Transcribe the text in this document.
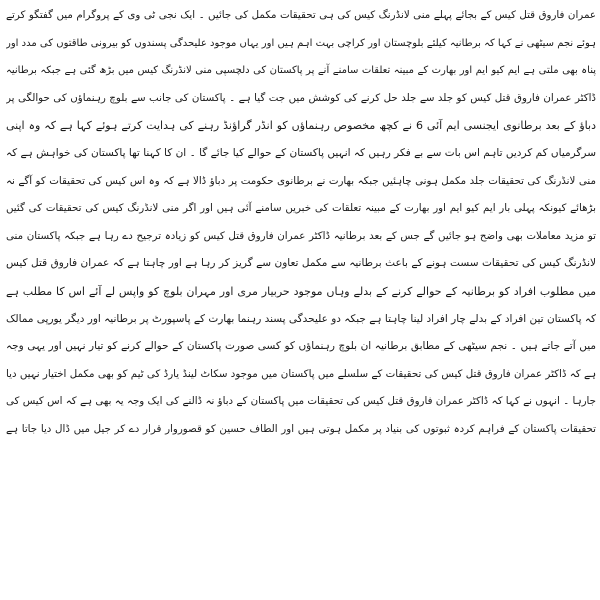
عمران فاروق قتل کیس کے بجائے پہلے منی لانڈرنگ کیس کی ہی تحقیقات مکمل کی جائیں ۔ ایک نجی ٹی وی کے پروگرام میں گفتگو کرتے
ہوئے نجم سیٹھی نے کہا کہ برطانیہ کیلئے بلوچستان اور کراچی بہت اہم ہیں اور یہاں موجود علیحدگی پسندوں کو بیرونی طاقتوں کی مدد اور
پناہ بھی ملتی ہے ایم کیو ایم اور بھارت کے مبینہ تعلقات سامنے آنے پر پاکستان کی دلچسپی منی لانڈرنگ کیس میں بڑھ گئی ہے جبکہ برطانیہ
ڈاکٹر عمران فاروق قتل کیس کو جلد سے جلد حل کرنے کی کوشش میں جت گیا ہے ۔ پاکستان کی جانب سے بلوچ رہنماؤں کی حوالگی پر
دباؤ کے بعد برطانوی ایجنسی ایم آئی 6 نے کچھ مخصوص رہنماؤں کو انڈر گراؤنڈ رہنے کی ہدایت کرتے ہوئے کہا ہے کہ وہ اپنی
سرگرمیاں کم کردیں تاہم اس بات سے بے فکر رہیں کہ انہیں پاکستان کے حوالے کیا جائے گا ۔ ان کا کہنا تھا پاکستان کی خواہش ہے کہ
منی لانڈرنگ کی تحقیقات جلد مکمل ہونی چاہئیں جبکہ بھارت نے برطانوی حکومت پر دباؤ ڈالا ہے کہ وہ اس کیس کی تحقیقات کو آگے نہ
بڑھائے کیونکہ پہلی بار ایم کیو ایم اور بھارت کے مبینہ تعلقات کی خبریں سامنے آئی ہیں اور اگر منی لانڈرنگ کیس کی تحقیقات کی گئیں
تو مزید معاملات بھی واضح ہو جائیں گے جس کے بعد برطانیہ ڈاکٹر عمران فاروق قتل کیس کو زیادہ ترجیح دے رہا ہے جبکہ پاکستان منی
لانڈرنگ کیس کی تحقیقات سست ہونے کے باعث برطانیہ سے مکمل تعاون سے گریز کر رہا ہے اور چاہتا ہے کہ عمران فاروق قتل کیس
میں مطلوب افراد کو برطانیہ کے حوالے کرنے کے بدلے وہاں موجود حربیار مری اور مہران بلوچ کو واپس لے آئے اس کا مطلب ہے
کہ پاکستان تین افراد کے بدلے چار افراد لینا چاہتا ہے جبکہ دو علیحدگی پسند رہنما بھارت کے پاسپورٹ پر برطانیہ اور دیگر یورپی ممالک
میں آتے جاتے ہیں ۔ نجم سیٹھی کے مطابق برطانیہ ان بلوچ رہنماؤں کو کسی صورت پاکستان کے حوالے کرنے کو تیار نہیں اور یہی وجہ
ہے کہ ڈاکٹر عمران فاروق قتل کیس کی تحقیقات کے سلسلے میں پاکستان میں موجود سکاٹ لینڈ یارڈ کی ٹیم کو بھی مکمل اختیار نہیں دیا
جارہا ۔ انہوں نے کہا کہ ڈاکٹر عمران فاروق قتل کیس کی تحقیقات میں پاکستان کے دباؤ نہ ڈالنے کی ایک وجہ یہ بھی ہے کہ اس کیس کی
تحقیقات پاکستان کے فراہم کردہ ثبوتوں کی بنیاد پر مکمل ہوتی ہیں اور الطاف حسین کو قصوروار قرار دے کر جیل میں ڈال دیا جاتا ہے
